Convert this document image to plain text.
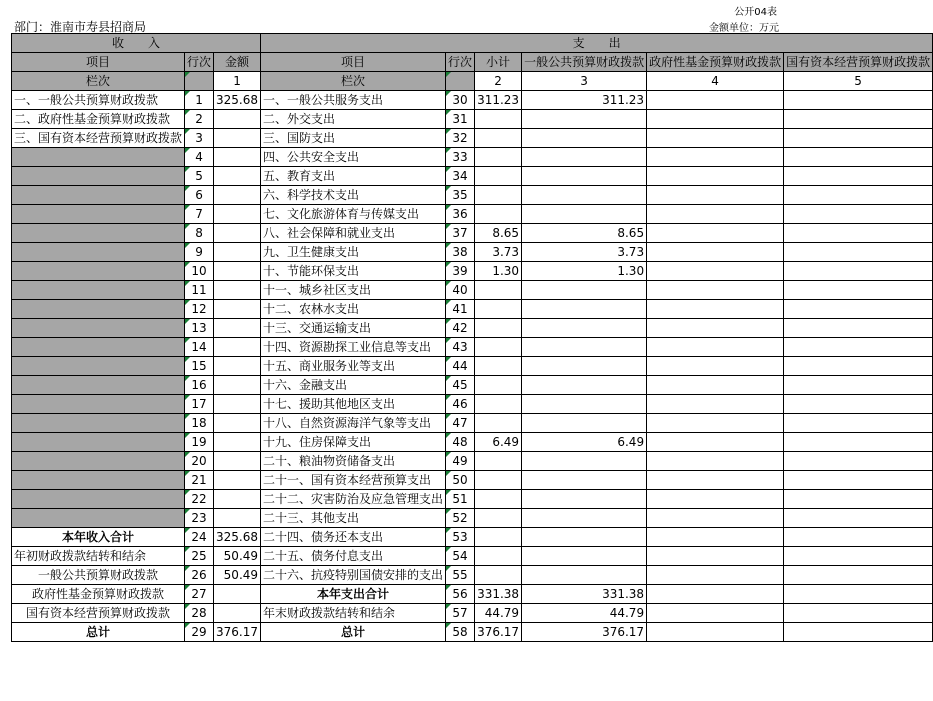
公开04表
部门：淮南市寿县招商局	金额单位：万元
收　　入			支　　出					
项目	行次	金额	项目	行次	小计	一般公共预算财政拨款	政府性基金预算财政拨款	国有资本经营预算财政拨款
栏次		1	栏次		2	3	4	5
一、一般公共预算财政拨款	1	325.68	一、一般公共服务支出	30	311.23	311.23		
二、政府性基金预算财政拨款	2		二、外交支出	31				
三、国有资本经营预算财政拨款	3		三、国防支出	32				
	4		四、公共安全支出	33				
	5		五、教育支出	34				
	6		六、科学技术支出	35				
	7		七、文化旅游体育与传媒支出	36				
	8		八、社会保障和就业支出	37	8.65	8.65		
	9		九、卫生健康支出	38	3.73	3.73		
	10		十、节能环保支出	39	1.30	1.30		
	11		十一、城乡社区支出	40				
	12		十二、农林水支出	41				
	13		十三、交通运输支出	42				
	14		十四、资源勘探工业信息等支出	43				
	15		十五、商业服务业等支出	44				
	16		十六、金融支出	45				
	17		十七、援助其他地区支出	46				
	18		十八、自然资源海洋气象等支出	47				
	19		十九、住房保障支出	48	6.49	6.49		
	20		二十、粮油物资储备支出	49				
	21		二十一、国有资本经营预算支出	50				
	22		二十二、灾害防治及应急管理支出	51				
	23		二十三、其他支出	52				
本年收入合计	24	325.68	二十四、债务还本支出	53				
年初财政拨款结转和结余	25	50.49	二十五、债务付息支出	54				
一般公共预算财政拨款	26	50.49	二十六、抗疫特别国债安排的支出	55				
政府性基金预算财政拨款	27		本年支出合计	56	331.38	331.38		
国有资本经营预算财政拨款	28		年末财政拨款结转和结余	57	44.79	44.79		
总计	29	376.17	总计	58	376.17	376.17		
